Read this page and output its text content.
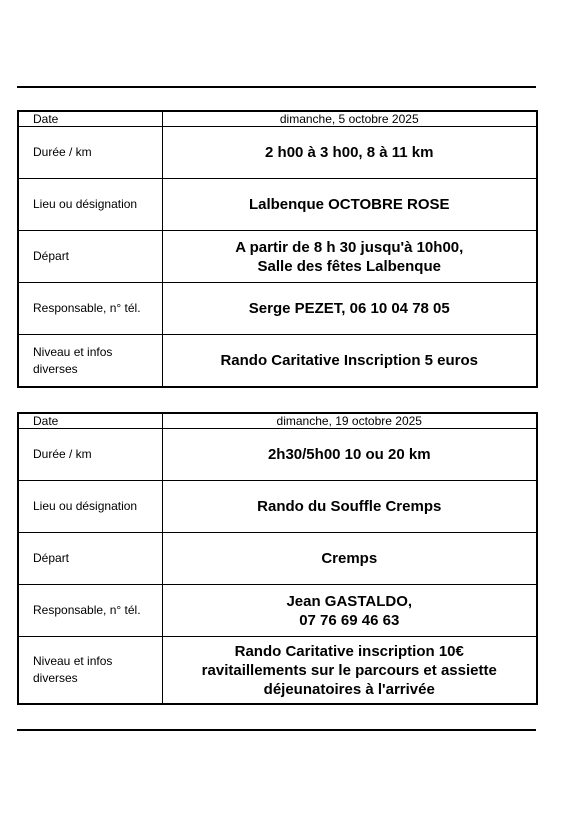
Date	dimanche, 5 octobre 2025
Durée / km	2 h00 à 3 h00, 8 à 11 km

Lieu ou désignation	Lalbenque OCTOBRE ROSE

Départ	A partir de 8 h 30 jusqu'à 10h00,
Salle des fêtes Lalbenque

Responsable, n° tél.	Serge PEZET, 06 10 04 78 05

Niveau et infos
diverses	Rando Caritative Inscription 5 euros
Date	dimanche, 19 octobre 2025
Durée / km	2h30/5h00 10 ou 20 km

Lieu ou désignation	Rando du Souffle Cremps

Départ	Cremps

Responsable, n° tél.	Jean GASTALDO,
07 76 69 46 63

Niveau et infos
diverses	Rando Caritative inscription 10€
ravitaillements sur le parcours et assiette
déjeunatoires à l'arrivée
